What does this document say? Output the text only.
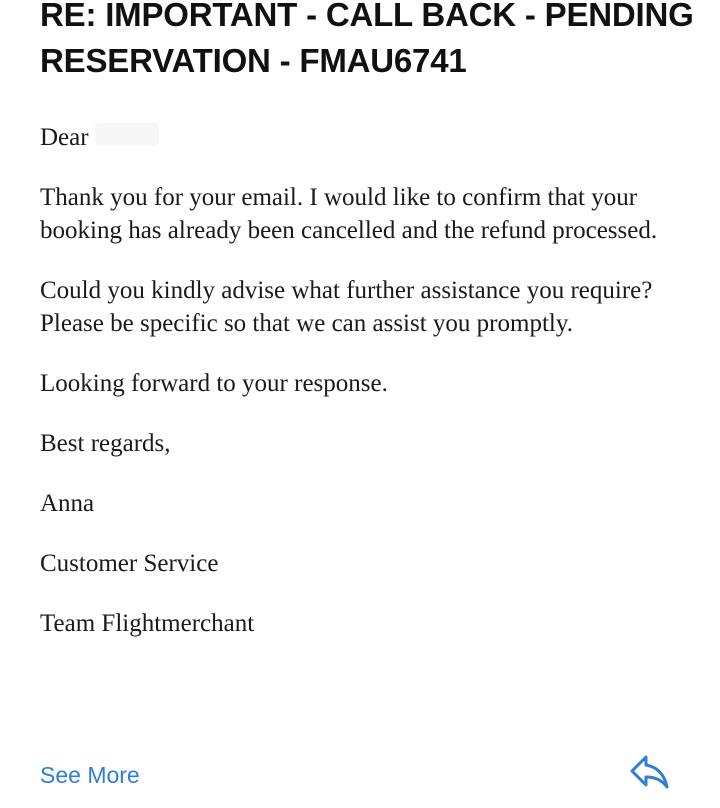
RE: IMPORTANT - CALL BACK - PENDING RESERVATION - FMAU6741

Dear

Thank you for your email. I would like to confirm that your booking has already been cancelled and the refund processed.

Could you kindly advise what further assistance you require? Please be specific so that we can assist you promptly.

Looking forward to your response.

Best regards,

Anna

Customer Service

Team Flightmerchant

See More
